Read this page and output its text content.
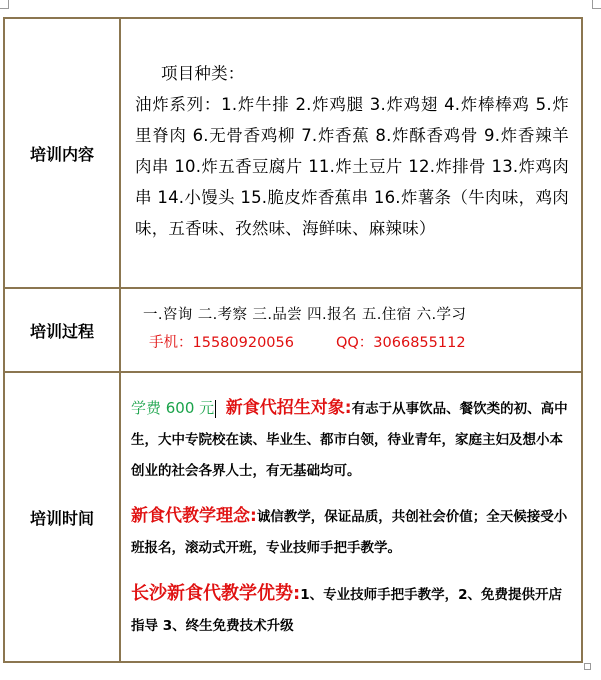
培训内容	项目种类：
油炸系列：1.炸牛排 2.炸鸡腿 3.炸鸡翅 4.炸棒棒鸡 5.炸里脊肉 6.无骨香鸡柳 7.炸香蕉 8.炸酥香鸡骨 9.炸香辣羊肉串 10.炸五香豆腐片 11.炸土豆片 12.炸排骨 13.炸鸡肉串 14.小馒头 15.脆皮炸香蕉串 16.炸薯条（牛肉味，鸡肉味，五香味、孜然味、海鲜味、麻辣味）

培训过程	一.咨询 二.考察 三.品尝 四.报名 五.住宿 六.学习
手机：15580920056 QQ：3066855112

培训时间	学费 600 元 新食代招生对象:有志于从事饮品、餐饮类的初、高中生，大中专院校在读、毕业生、都市白领，待业青年，家庭主妇及想小本创业的社会各界人士，有无基础均可。

新食代教学理念:诚信教学，保证品质，共创社会价值；全天候接受小班报名，滚动式开班，专业技师手把手教学。

长沙新食代教学优势:1、专业技师手把手教学，2、免费提供开店指导 3、终生免费技术升级
